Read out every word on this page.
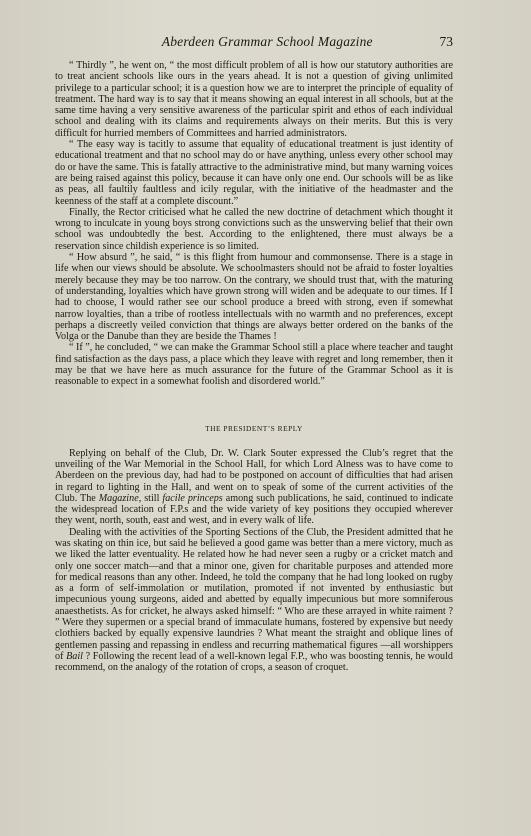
Aberdeen Grammar School Magazine	73

“ Thirdly ”, he went on, “ the most difficult problem of all is how our statutory authorities are to treat ancient schools like ours in the years ahead. It is not a question of giving unlimited privilege to a particular school; it is a question how we are to interpret the principle of equality of treatment. The hard way is to say that it means showing an equal interest in all schools, but at the same time having a very sensitive awareness of the particular spirit and ethos of each individual school and dealing with its claims and requirements always on their merits. But this is very difficult for hurried members of Committees and harried administrators.

“ The easy way is tacitly to assume that equality of educational treatment is just identity of educational treatment and that no school may do or have anything, unless every other school may do or have the same. This is fatally attractive to the administrative mind, but many warning voices are being raised against this policy, because it can have only one end. Our schools will be as like as peas, all faultily faultless and icily regular, with the initiative of the headmaster and the keenness of the staff at a complete discount.”

Finally, the Rector criticised what he called the new doctrine of detachment which thought it wrong to inculcate in young boys strong convictions such as the unswerving belief that their own school was undoubtedly the best. According to the enlightened, there must always be a reservation since childish experience is so limited.

“ How absurd ”, he said, “ is this flight from humour and commonsense. There is a stage in life when our views should be absolute. We schoolmasters should not be afraid to foster loyalties merely because they may be too narrow. On the contrary, we should trust that, with the maturing of understanding, loyalties which have grown strong will widen and be adequate to our times. If I had to choose, I would rather see our school produce a breed with strong, even if somewhat narrow loyalties, than a tribe of rootless intellectuals with no warmth and no preferences, except perhaps a discreetly veiled conviction that things are always better ordered on the banks of the Volga or the Danube than they are beside the Thames !

“ If ”, he concluded, “ we can make the Grammar School still a place where teacher and taught find satisfaction as the days pass, a place which they leave with regret and long remember, then it may be that we have here as much assurance for the future of the Grammar School as it is reasonable to expect in a somewhat foolish and disordered world.”

THE PRESIDENT’S REPLY

Replying on behalf of the Club, Dr. W. Clark Souter expressed the Club’s regret that the unveiling of the War Memorial in the School Hall, for which Lord Alness was to have come to Aberdeen on the previous day, had had to be postponed on account of difficulties that had arisen in regard to lighting in the Hall, and went on to speak of some of the current activities of the Club. The Magazine, still facile princeps among such publications, he said, continued to indicate the widespread location of F.P.s and the wide variety of key positions they occupied wherever they went, north, south, east and west, and in every walk of life.

Dealing with the activities of the Sporting Sections of the Club, the President admitted that he was skating on thin ice, but said he believed a good game was better than a mere victory, much as we liked the latter eventuality. He related how he had never seen a rugby or a cricket match and only one soccer match—and that a minor one, given for charitable purposes and attended more for medical reasons than any other. Indeed, he told the company that he had long looked on rugby as a form of self-immolation or mutilation, promoted if not invented by enthusiastic but impecunious young surgeons, aided and abetted by equally impecunious but more somniferous anaesthetists. As for cricket, he always asked himself: “ Who are these arrayed in white raiment ? ” Were they supermen or a special brand of immaculate humans, fostered by expensive but needy clothiers backed by equally expensive laundries ? What meant the straight and oblique lines of gentlemen passing and repassing in endless and recurring mathematical figures —all worshippers of Bail ? Following the recent lead of a well-known legal F.P., who was boosting tennis, he would recommend, on the analogy of the rotation of crops, a season of croquet.
